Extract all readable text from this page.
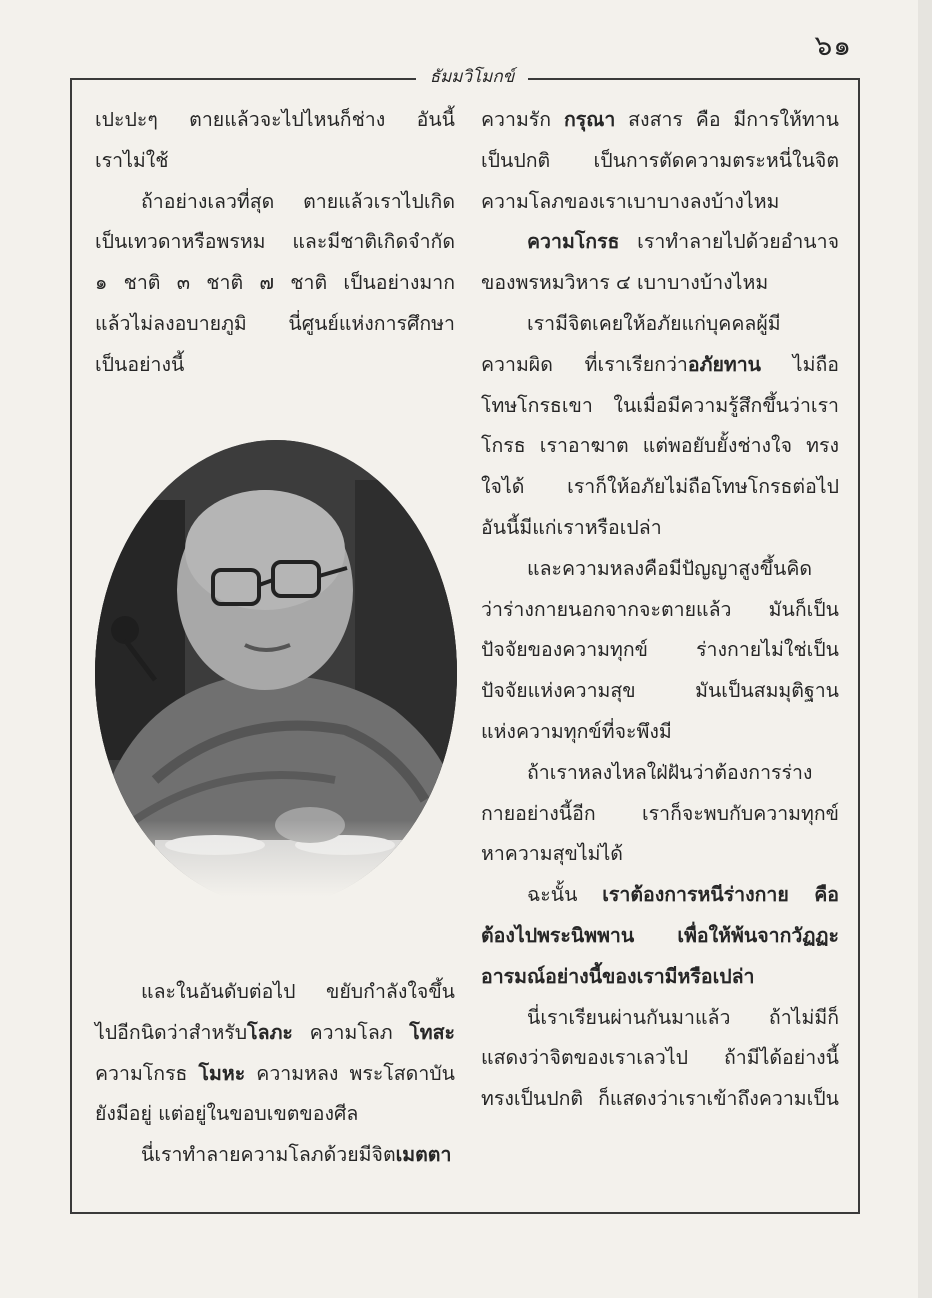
๖๑
ธัมมวิโมกข์
เปะปะๆ ตายแล้วจะไปไหนก็ช่าง อันนี้
เราไม่ใช้
ถ้าอย่างเลวที่สุด ตายแล้วเราไปเกิด
เป็นเทวดาหรือพรหม และมีชาติเกิดจำกัด
๑ ชาติ ๓ ชาติ ๗ ชาติ เป็นอย่างมาก
แล้วไม่ลงอบายภูมิ นี่ศูนย์แห่งการศึกษา
เป็นอย่างนี้
และในอันดับต่อไป ขยับกำลังใจขึ้น
ไปอีกนิดว่าสำหรับโลภะ ความโลภ โทสะ
ความโกรธ โมหะ ความหลง พระโสดาบัน
ยังมีอยู่ แต่อยู่ในขอบเขตของศีล
นี่เราทำลายความโลภด้วยมีจิตเมตตา
ความรัก กรุณา สงสาร คือ มีการให้ทาน
เป็นปกติ เป็นการตัดความตระหนี่ในจิต
ความโลภของเราเบาบางลงบ้างไหม
ความโกรธ เราทำลายไปด้วยอำนาจ
ของพรหมวิหาร ๔ เบาบางบ้างไหม
เรามีจิตเคยให้อภัยแก่บุคคลผู้มี
ความผิด ที่เราเรียกว่าอภัยทาน ไม่ถือ
โทษโกรธเขา ในเมื่อมีความรู้สึกขึ้นว่าเรา
โกรธ เราอาฆาต แต่พอยับยั้งช่างใจ ทรง
ใจได้ เราก็ให้อภัยไม่ถือโทษโกรธต่อไป
อันนี้มีแก่เราหรือเปล่า
และความหลงคือมีปัญญาสูงขึ้นคิด
ว่าร่างกายนอกจากจะตายแล้ว มันก็เป็น
ปัจจัยของความทุกข์ ร่างกายไม่ใช่เป็น
ปัจจัยแห่งความสุข มันเป็นสมมุติฐาน
แห่งความทุกข์ที่จะพึงมี
ถ้าเราหลงไหลใฝ่ฝันว่าต้องการร่าง
กายอย่างนี้อีก เราก็จะพบกับความทุกข์
หาความสุขไม่ได้
ฉะนั้น เราต้องการหนีร่างกาย คือ
ต้องไปพระนิพพาน เพื่อให้พ้นจากวัฏฏะ
อารมณ์อย่างนี้ของเรามีหรือเปล่า
นี่เราเรียนผ่านกันมาแล้ว ถ้าไม่มีก็
แสดงว่าจิตของเราเลวไป ถ้ามีได้อย่างนี้
ทรงเป็นปกติ ก็แสดงว่าเราเข้าถึงความเป็น
